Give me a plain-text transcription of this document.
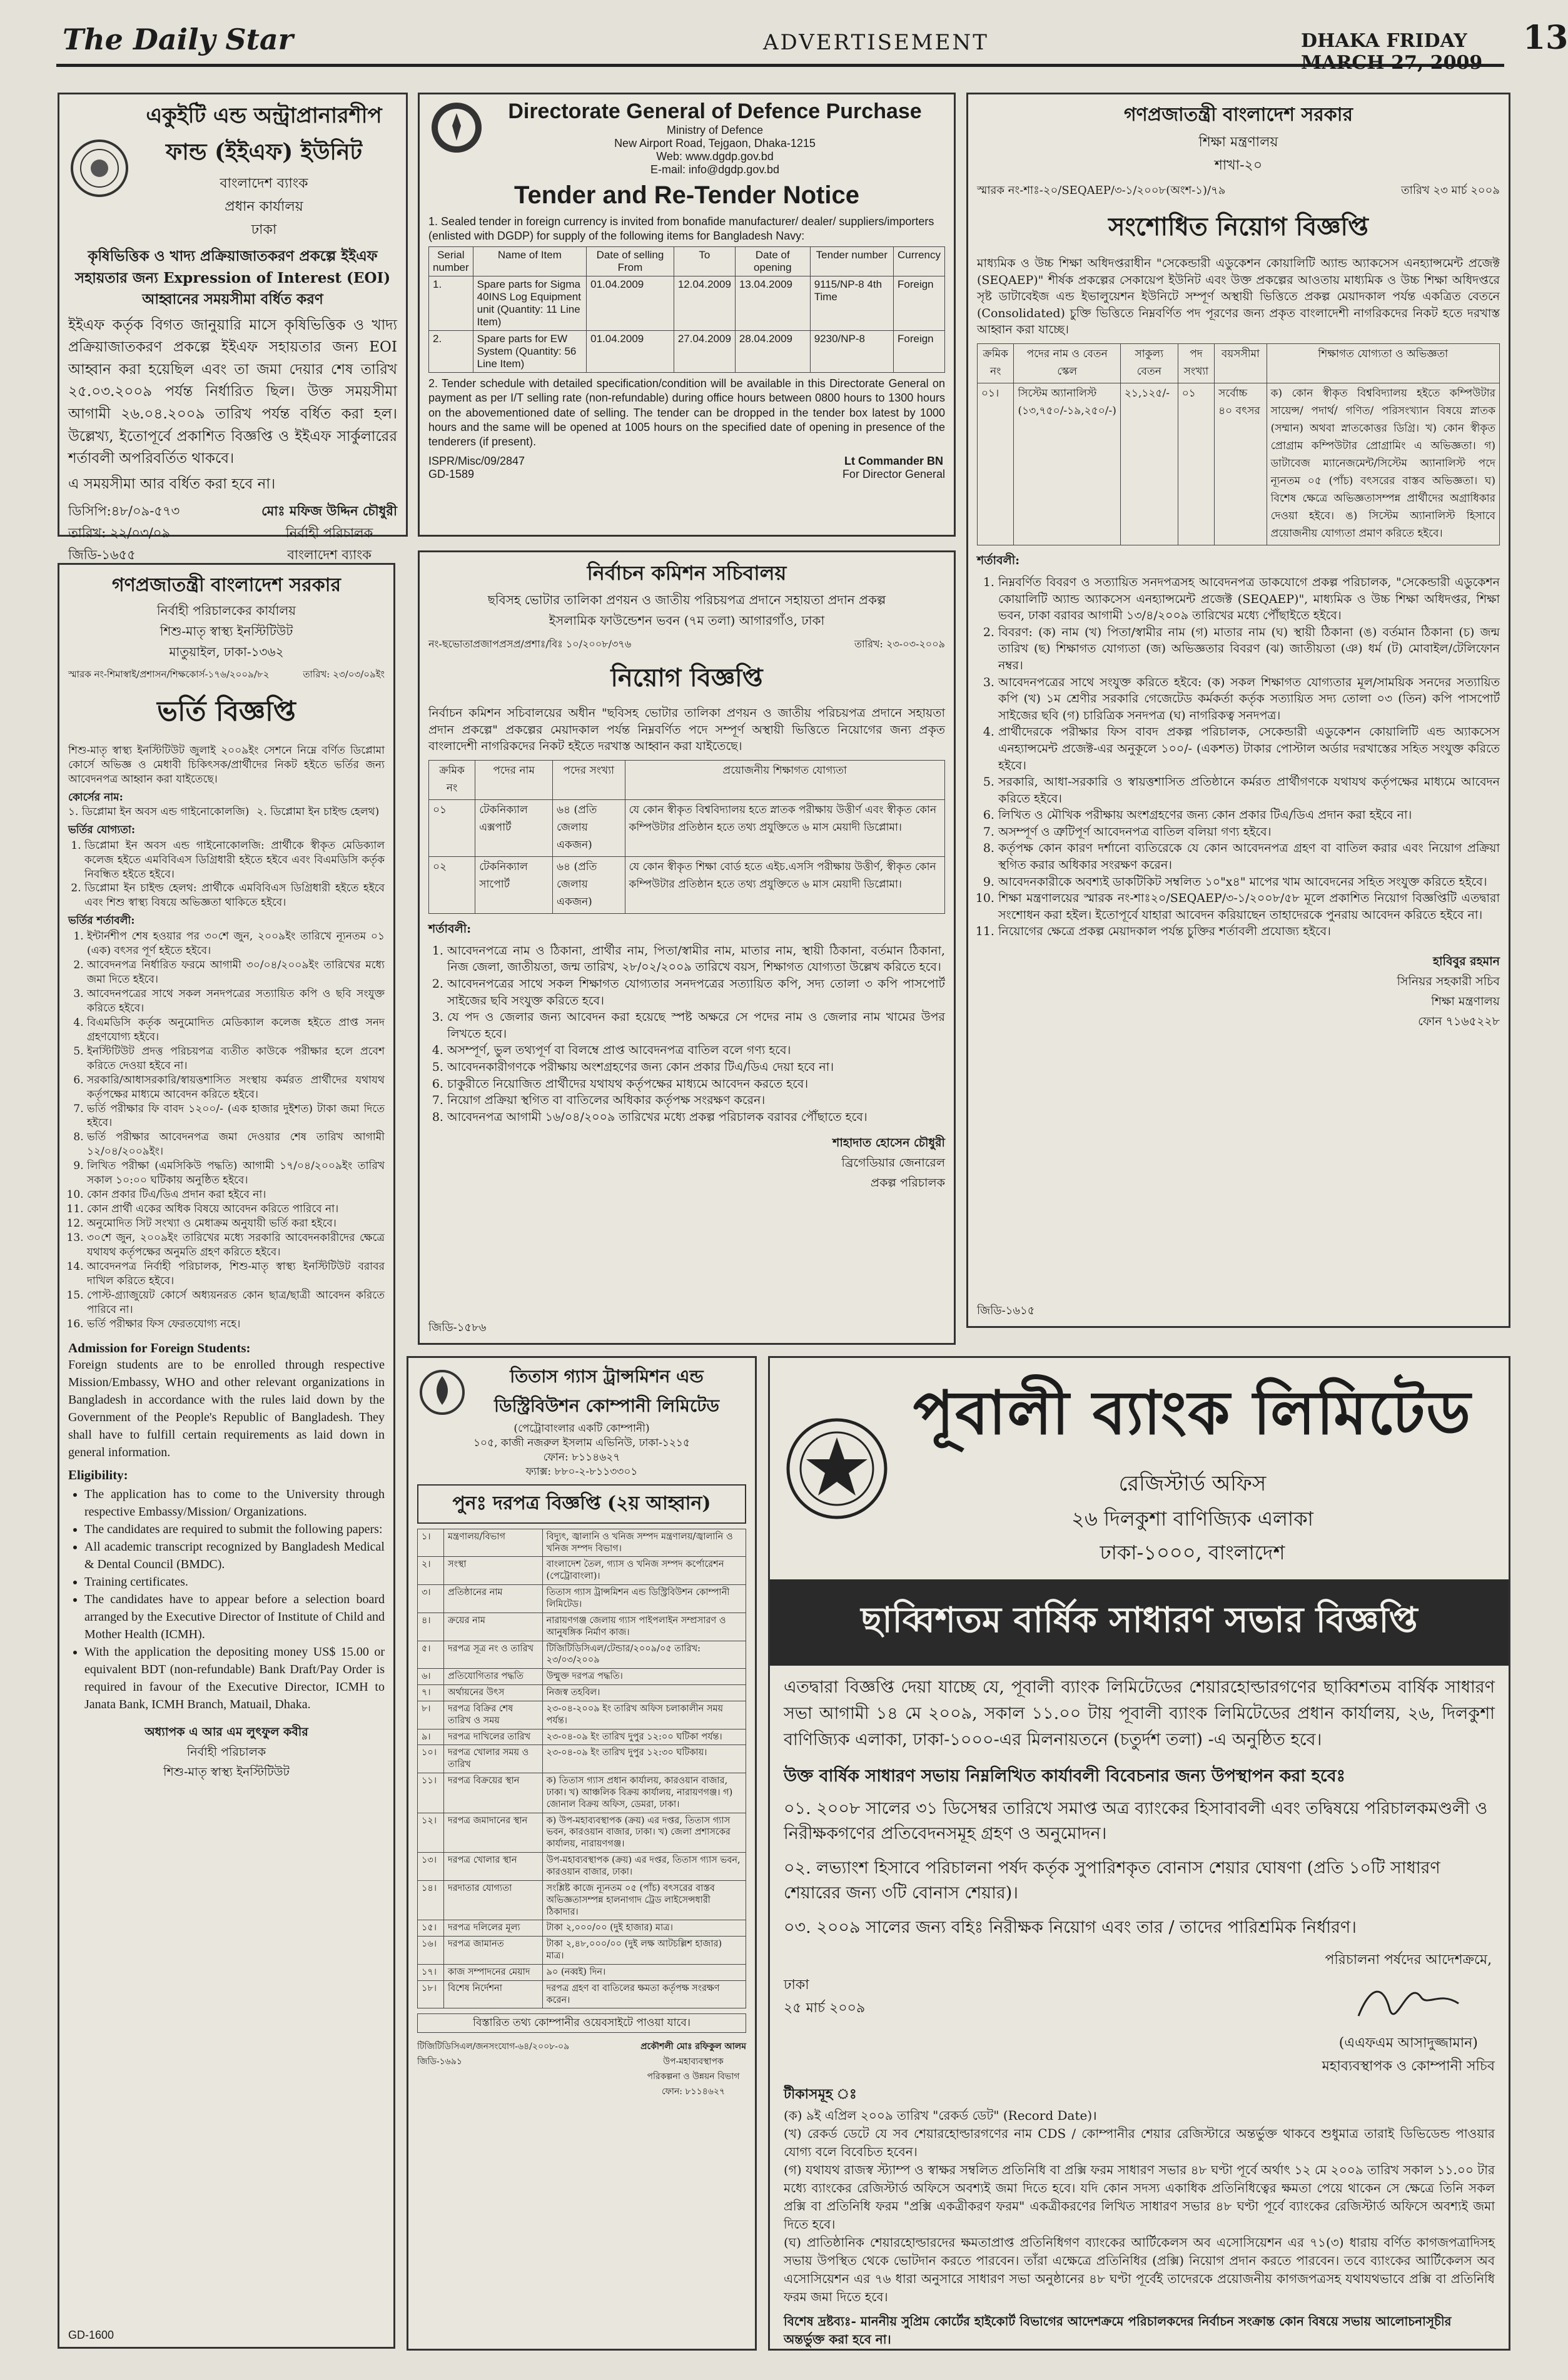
The Daily Star	ADVERTISEMENT	DHAKA FRIDAY MARCH 27, 2009
13
একুইটি এন্ড অন্ট্রাপ্রানারশীপ
ফান্ড (ইইএফ) ইউনিট
বাংলাদেশ ব্যাংক
প্রধান কার্যালয়
ঢাকা
কৃষিভিত্তিক ও খাদ্য প্রক্রিয়াজাতকরণ প্রকল্পে ইইএফ সহায়তার জন্য Expression of Interest (EOI) আহ্বানের সময়সীমা বর্ধিত করণ
ইইএফ কর্তৃক বিগত জানুয়ারি মাসে কৃষিভিত্তিক ও খাদ্য প্রক্রিয়াজাতকরণ প্রকল্পে ইইএফ সহায়তার জন্য EOI আহ্বান করা হয়েছিল এবং তা জমা দেয়ার শেষ তারিখ ২৫.০৩.২০০৯ পর্যন্ত নির্ধারিত ছিল। উক্ত সময়সীমা আগামী ২৬.০৪.২০০৯ তারিখ পর্যন্ত বর্ধিত করা হল। উল্লেখ্য, ইতোপূর্বে প্রকাশিত বিজ্ঞপ্তি ও ইইএফ সার্কুলারের শর্তাবলী অপরিবর্তিত থাকবে।
এ সময়সীমা আর বর্ধিত করা হবে না।
ডিসিপি:৪৮/০৯-৫৭৩
তারিখ: ২২/০৩/০৯
জিডি-১৬৫৫
মোঃ মফিজ উদ্দিন চৌধুরী
নির্বাহী পরিচালক
বাংলাদেশ ব্যাংক
Directorate General of Defence Purchase
Ministry of Defence
New Airport Road, Tejgaon, Dhaka-1215
Web: www.dgdp.gov.bd
E-mail: info@dgdp.gov.bd
Tender and Re-Tender Notice
1. Sealed tender in foreign currency is invited from bonafide manufacturer/ dealer/ suppliers/importers (enlisted with DGDP) for supply of the following items for Bangladesh Navy:
Serial number	Name of Item	Date of selling From	To	Date of opening	Tender number	Currency
1.	Spare parts for Sigma 40INS Log Equipment unit (Quantity: 11 Line Item)	01.04.2009	12.04.2009	13.04.2009	9115/NP-8 4th Time	Foreign
2.	Spare parts for EW System (Quantity: 56 Line Item)	01.04.2009	27.04.2009	28.04.2009	9230/NP-8	Foreign
2. Tender schedule with detailed specification/condition will be available in this Directorate General on payment as per I/T selling rate (non-refundable) during office hours between 0800 hours to 1300 hours on the abovementioned date of selling. The tender can be dropped in the tender box latest by 1000 hours and the same will be opened at 1005 hours on the specified date of opening in presence of the tenderers (if present).
ISPR/Misc/09/2847
GD-1589
Lt Commander BN
For Director General
গণপ্রজাতন্ত্রী বাংলাদেশ সরকার
শিক্ষা মন্ত্রণালয়
শাখা-২০
স্মারক নং-শাঃ-২০/SEQAEP/৩-১/২০০৮(অংশ-১)/৭৯	তারিখ ২৩ মার্চ ২০০৯
সংশোধিত নিয়োগ বিজ্ঞপ্তি
মাধ্যমিক ও উচ্চ শিক্ষা অধিদপ্তরাধীন "সেকেন্ডারী এডুকেশন কোয়ালিটি অ্যান্ড অ্যাকসেস এনহ্যান্সমেন্ট প্রজেক্ট (SEQAEP)" শীর্ষক প্রকল্পের সেকায়েপ ইউনিট এবং উক্ত প্রকল্পের আওতায় মাধ্যমিক ও উচ্চ শিক্ষা অধিদপ্তরে সৃষ্ট ডাটাবেইজ এন্ড ইভালুয়েশন ইউনিটে সম্পূর্ণ অস্থায়ী ভিত্তিতে প্রকল্প মেয়াদকাল পর্যন্ত একত্রিত বেতনে (Consolidated) চুক্তি ভিত্তিতে নিম্নবর্ণিত পদ পূরণের জন্য প্রকৃত বাংলাদেশী নাগরিকদের নিকট হতে দরখাস্ত আহ্বান করা যাচ্ছে।
ক্রমিক নং	পদের নাম ও বেতন স্কেল	সাকুল্য বেতন	পদ সংখ্যা	বয়সসীমা	শিক্ষাগত যোগ্যতা ও অভিজ্ঞতা
০১।	সিস্টেম অ্যানালিস্ট (১৩,৭৫০/-১৯,২৫০/-)	২১,১২৫/-	০১	সর্বোচ্চ ৪০ বৎসর	ক) কোন স্বীকৃত বিশ্ববিদ্যালয় হইতে কম্পিউটার সায়েন্স/ পদার্থ/ গণিত/ পরিসংখ্যান বিষয়ে স্নাতক (সম্মান) অথবা স্নাতকোত্তর ডিগ্রি। খ) কোন স্বীকৃত প্রোগ্রাম কম্পিউটার প্রোগ্রামিং এ অভিজ্ঞতা। গ) ডাটাবেজ ম্যানেজমেন্ট/সিস্টেম অ্যানালিস্ট পদে ন্যূনতম ০৫ (পাঁচ) বৎসরের বাস্তব অভিজ্ঞতা। ঘ) বিশেষ ক্ষেত্রে অভিজ্ঞতাসম্পন্ন প্রার্থীদের অগ্রাধিকার দেওয়া হইবে। ঙ) সিস্টেম অ্যানালিস্ট হিসাবে প্রয়োজনীয় যোগ্যতা প্রমাণ করিতে হইবে।
শর্তাবলী:
1. নিম্নবর্ণিত বিবরণ ও সত্যায়িত সনদপত্রসহ আবেদনপত্র ডাকযোগে প্রকল্প পরিচালক, "সেকেন্ডারী এডুকেশন কোয়ালিটি অ্যান্ড অ্যাকসেস এনহ্যান্সমেন্ট প্রজেক্ট (SEQAEP)", মাধ্যমিক ও উচ্চ শিক্ষা অধিদপ্তর, শিক্ষা ভবন, ঢাকা বরাবর আগামী ১৩/৪/২০০৯ তারিখের মধ্যে পৌঁছাইতে হইবে।
2. বিবরণ: (ক) নাম (খ) পিতা/স্বামীর নাম (গ) মাতার নাম (ঘ) স্থায়ী ঠিকানা (ঙ) বর্তমান ঠিকানা (চ) জন্ম তারিখ (ছ) শিক্ষাগত যোগ্যতা (জ) অভিজ্ঞতার বিবরণ (ঝ) জাতীয়তা (ঞ) ধর্ম (ট) মোবাইল/টেলিফোন নম্বর।
3. আবেদনপত্রের সাথে সংযুক্ত করিতে হইবে: (ক) সকল শিক্ষাগত যোগ্যতার মূল/সাময়িক সনদের সত্যায়িত কপি (খ) ১ম শ্রেণীর সরকারি গেজেটেড কর্মকর্তা কর্তৃক সত্যায়িত সদ্য তোলা ০৩ (তিন) কপি পাসপোর্ট সাইজের ছবি (গ) চারিত্রিক সনদপত্র (ঘ) নাগরিকত্ব সনদপত্র।
4. প্রার্থীদেরকে পরীক্ষার ফিস বাবদ প্রকল্প পরিচালক, সেকেন্ডারী এডুকেশন কোয়ালিটি এন্ড অ্যাকসেস এনহ্যান্সমেন্ট প্রজেক্ট-এর অনুকূলে ১০০/- (একশত) টাকার পোস্টাল অর্ডার দরখাস্তের সহিত সংযুক্ত করিতে হইবে।
5. সরকারি, আধা-সরকারি ও স্বায়ত্তশাসিত প্রতিষ্ঠানে কর্মরত প্রার্থীগণকে যথাযথ কর্তৃপক্ষের মাধ্যমে আবেদন করিতে হইবে।
6. লিখিত ও মৌখিক পরীক্ষায় অংশগ্রহণের জন্য কোন প্রকার টিএ/ডিএ প্রদান করা হইবে না।
7. অসম্পূর্ণ ও ত্রুটিপূর্ণ আবেদনপত্র বাতিল বলিয়া গণ্য হইবে।
8. কর্তৃপক্ষ কোন কারণ দর্শানো ব্যতিরেকে যে কোন আবেদনপত্র গ্রহণ বা বাতিল করার এবং নিয়োগ প্রক্রিয়া স্থগিত করার অধিকার সংরক্ষণ করেন।
9. আবেদনকারীকে অবশ্যই ডাকটিকিট সম্বলিত ১০"x৪" মাপের খাম আবেদনের সহিত সংযুক্ত করিতে হইবে।
10. শিক্ষা মন্ত্রণালয়ের স্মারক নং-শাঃ২০/SEQAEP/৩-১/২০০৮/৫৮ মূলে প্রকাশিত নিয়োগ বিজ্ঞপ্তিটি এতদ্বারা সংশোধন করা হইল। ইতোপূর্বে যাহারা আবেদন করিয়াছেন তাহাদেরকে পুনরায় আবেদন করিতে হইবে না।
11. নিয়োগের ক্ষেত্রে প্রকল্প মেয়াদকাল পর্যন্ত চুক্তির শর্তাবলী প্রযোজ্য হইবে।
হাবিবুর রহমান
সিনিয়র সহকারী সচিব
শিক্ষা মন্ত্রণালয়
ফোন ৭১৬৫২২৮
জিডি-১৬১৫
গণপ্রজাতন্ত্রী বাংলাদেশ সরকার
নির্বাহী পরিচালকের কার্যালয়
শিশু-মাতৃ স্বাস্থ্য ইনস্টিটিউট
মাতুয়াইল, ঢাকা-১৩৬২
স্মারক নং-শিমাস্বাই/প্রশাসন/শিক্ষকোর্স-১৭৬/২০০৯/৮২	তারিখ: ২৩/০৩/০৯ইং
ভর্তি বিজ্ঞপ্তি
শিশু-মাতৃ স্বাস্থ্য ইনস্টিটিউট জুলাই ২০০৯ইং সেশনে নিম্নে বর্ণিত ডিপ্লোমা কোর্সে অভিজ্ঞ ও মেধাবী চিকিৎসক/প্রার্থীদের নিকট হইতে ভর্তির জন্য আবেদনপত্র আহ্বান করা যাইতেছে।
কোর্সের নাম:
১. ডিপ্লোমা ইন অবস এন্ড গাইনোকোলজি) ২. ডিপ্লোমা ইন চাইল্ড হেলথ)
ভর্তির যোগ্যতা:
1. ডিপ্লোমা ইন অবস এন্ড গাইনোকোলজি: প্রার্থীকে স্বীকৃত মেডিক্যাল কলেজ হইতে এমবিবিএস ডিগ্রিধারী হইতে হইবে এবং বিএমডিসি কর্তৃক নিবন্ধিত হইতে হইবে।
2. ডিপ্লোমা ইন চাইল্ড হেলথ: প্রার্থীকে এমবিবিএস ডিগ্রিধারী হইতে হইবে এবং শিশু স্বাস্থ্য বিষয়ে অভিজ্ঞতা থাকিতে হইবে।
ভর্তির শর্তাবলী:
1. ইন্টার্নশীপ শেষ হওয়ার পর ৩০শে জুন, ২০০৯ইং তারিখে ন্যূনতম ০১ (এক) বৎসর পূর্ণ হইতে হইবে।
2. আবেদনপত্র নির্ধারিত ফরমে আগামী ৩০/০৪/২০০৯ইং তারিখের মধ্যে জমা দিতে হইবে।
3. আবেদনপত্রের সাথে সকল সনদপত্রের সত্যায়িত কপি ও ছবি সংযুক্ত করিতে হইবে।
4. বিএমডিসি কর্তৃক অনুমোদিত মেডিক্যাল কলেজ হইতে প্রাপ্ত সনদ গ্রহণযোগ্য হইবে।
5. ইনস্টিটিউট প্রদত্ত পরিচয়পত্র ব্যতীত কাউকে পরীক্ষার হলে প্রবেশ করিতে দেওয়া হইবে না।
6. সরকারি/আধাসরকারি/স্বায়ত্তশাসিত সংস্থায় কর্মরত প্রার্থীদের যথাযথ কর্তৃপক্ষের মাধ্যমে আবেদন করিতে হইবে।
7. ভর্তি পরীক্ষার ফি বাবদ ১২০০/- (এক হাজার দুইশত) টাকা জমা দিতে হইবে।
8. ভর্তি পরীক্ষার আবেদনপত্র জমা দেওয়ার শেষ তারিখ আগামী ১২/০৪/২০০৯ইং।
9. লিখিত পরীক্ষা (এমসিকিউ পদ্ধতি) আগামী ১৭/০৪/২০০৯ইং তারিখ সকাল ১০:০০ ঘটিকায় অনুষ্ঠিত হইবে।
10. কোন প্রকার টিএ/ডিএ প্রদান করা হইবে না।
11. কোন প্রার্থী একের অধিক বিষয়ে আবেদন করিতে পারিবে না।
12. অনুমোদিত সিট সংখ্যা ও মেধাক্রম অনুযায়ী ভর্তি করা হইবে।
13. ৩০শে জুন, ২০০৯ইং তারিখের মধ্যে সরকারি আবেদনকারীদের ক্ষেত্রে যথাযথ কর্তৃপক্ষের অনুমতি গ্রহণ করিতে হইবে।
14. আবেদনপত্র নির্বাহী পরিচালক, শিশু-মাতৃ স্বাস্থ্য ইনস্টিটিউট বরাবর দাখিল করিতে হইবে।
15. পোস্ট-গ্র্যাজুয়েট কোর্সে অধ্যয়নরত কোন ছাত্র/ছাত্রী আবেদন করিতে পারিবে না।
16. ভর্তি পরীক্ষার ফিস ফেরতযোগ্য নহে।
Admission for Foreign Students:
Foreign students are to be enrolled through respective Mission/Embassy, WHO and other relevant organizations in Bangladesh in accordance with the rules laid down by the Government of the People's Republic of Bangladesh. They shall have to fulfill certain requirements as laid down in general information.
Eligibility:
• The application has to come to the University through respective Embassy/Mission/ Organizations.
• The candidates are required to submit the following papers:
• All academic transcript recognized by Bangladesh Medical & Dental Council (BMDC).
• Training certificates.
• The candidates have to appear before a selection board arranged by the Executive Director of Institute of Child and Mother Health (ICMH).
• With the application the depositing money US$ 15.00 or equivalent BDT (non-refundable) Bank Draft/Pay Order is required in favour of the Executive Director, ICMH to Janata Bank, ICMH Branch, Matuail, Dhaka.
অধ্যাপক এ আর এম লুৎফুল কবীর
নির্বাহী পরিচালক
শিশু-মাতৃ স্বাস্থ্য ইনস্টিটিউট
GD-1600
নির্বাচন কমিশন সচিবালয়
ছবিসহ ভোটার তালিকা প্রণয়ন ও জাতীয় পরিচয়পত্র প্রদানে সহায়তা প্রদান প্রকল্প
ইসলামিক ফাউন্ডেশন ভবন (৭ম তলা) আগারগাঁও, ঢাকা
নং-ছভোতাপ্রজাপপ্রসপ্র/প্রশাঃ/বিঃ ১০/২০০৮/৩৭৬	তারিখ: ২৩-০৩-২০০৯
নিয়োগ বিজ্ঞপ্তি
নির্বাচন কমিশন সচিবালয়ের অধীন "ছবিসহ ভোটার তালিকা প্রণয়ন ও জাতীয় পরিচয়পত্র প্রদানে সহায়তা প্রদান প্রকল্পে" প্রকল্পের মেয়াদকাল পর্যন্ত নিম্নবর্ণিত পদে সম্পূর্ণ অস্থায়ী ভিত্তিতে নিয়োগের জন্য প্রকৃত বাংলাদেশী নাগরিকদের নিকট হইতে দরখাস্ত আহ্বান করা যাইতেছে।
ক্রমিক নং	পদের নাম	পদের সংখ্যা	প্রয়োজনীয় শিক্ষাগত যোগ্যতা
০১	টেকনিক্যাল এক্সপার্ট	৬৪ (প্রতি জেলায় একজন)	যে কোন স্বীকৃত বিশ্ববিদ্যালয় হতে স্নাতক পরীক্ষায় উত্তীর্ণ এবং স্বীকৃত কোন কম্পিউটার প্রতিষ্ঠান হতে তথ্য প্রযুক্তিতে ৬ মাস মেয়াদী ডিপ্লোমা।
০২	টেকনিক্যাল সাপোর্ট	৬৪ (প্রতি জেলায় একজন)	যে কোন স্বীকৃত শিক্ষা বোর্ড হতে এইচ.এসসি পরীক্ষায় উত্তীর্ণ, স্বীকৃত কোন কম্পিউটার প্রতিষ্ঠান হতে তথ্য প্রযুক্তিতে ৬ মাস মেয়াদী ডিপ্লোমা।
শর্তাবলী:
1. আবেদনপত্রে নাম ও ঠিকানা, প্রার্থীর নাম, পিতা/স্বামীর নাম, মাতার নাম, স্থায়ী ঠিকানা, বর্তমান ঠিকানা, নিজ জেলা, জাতীয়তা, জন্ম তারিখ, ২৮/০২/২০০৯ তারিখে বয়স, শিক্ষাগত যোগ্যতা উল্লেখ করিতে হবে।
2. আবেদনপত্রের সাথে সকল শিক্ষাগত যোগ্যতার সনদপত্রের সত্যায়িত কপি, সদ্য তোলা ৩ কপি পাসপোর্ট সাইজের ছবি সংযুক্ত করিতে হবে।
3. যে পদ ও জেলার জন্য আবেদন করা হয়েছে স্পষ্ট অক্ষরে সে পদের নাম ও জেলার নাম খামের উপর লিখতে হবে।
4. অসম্পূর্ণ, ভুল তথ্যপূর্ণ বা বিলম্বে প্রাপ্ত আবেদনপত্র বাতিল বলে গণ্য হবে।
5. আবেদনকারীগণকে পরীক্ষায় অংশগ্রহণের জন্য কোন প্রকার টিএ/ডিএ দেয়া হবে না।
6. চাকুরীতে নিয়োজিত প্রার্থীদের যথাযথ কর্তৃপক্ষের মাধ্যমে আবেদন করতে হবে।
7. নিয়োগ প্রক্রিয়া স্থগিত বা বাতিলের অধিকার কর্তৃপক্ষ সংরক্ষণ করেন।
8. আবেদনপত্র আগামী ১৬/০৪/২০০৯ তারিখের মধ্যে প্রকল্প পরিচালক বরাবর পৌঁছাতে হবে।
শাহাদাত হোসেন চৌধুরী
ব্রিগেডিয়ার জেনারেল
প্রকল্প পরিচালক
জিডি-১৫৮৬
তিতাস গ্যাস ট্রান্সমিশন এন্ড
ডিস্ট্রিবিউশন কোম্পানী লিমিটেড
(পেট্রোবাংলার একটি কোম্পানী)
১০৫, কাজী নজরুল ইসলাম এভিনিউ, ঢাকা-১২১৫
ফোন: ৮১১৪৬২৭
ফ্যাক্স: ৮৮০-২-৮১১৩৩০১
পুনঃ দরপত্র বিজ্ঞপ্তি (২য় আহ্বান)
১।	মন্ত্রণালয়/বিভাগ	বিদ্যুৎ, জ্বালানি ও খনিজ সম্পদ মন্ত্রণালয়/জ্বালানি ও খনিজ সম্পদ বিভাগ।
২।	সংস্থা	বাংলাদেশ তৈল, গ্যাস ও খনিজ সম্পদ কর্পোরেশন (পেট্রোবাংলা)।
৩।	প্রতিষ্ঠানের নাম	তিতাস গ্যাস ট্রান্সমিশন এন্ড ডিস্ট্রিবিউশন কোম্পানী লিমিটেড।
৪।	ক্রয়ের নাম	নারায়ণগঞ্জ জেলায় গ্যাস পাইপলাইন সম্প্রসারণ ও আনুষঙ্গিক নির্মাণ কাজ।
৫।	দরপত্র সূত্র নং ও তারিখ	টিজিটিডিসিএল/টেন্ডার/২০০৯/০৫ তারিখ: ২৩/০৩/২০০৯
৬।	প্রতিযোগিতার পদ্ধতি	উন্মুক্ত দরপত্র পদ্ধতি।
৭।	অর্থায়নের উৎস	নিজস্ব তহবিল।
৮।	দরপত্র বিক্রির শেষ তারিখ ও সময়	২৩-০৪-২০০৯ ইং তারিখ অফিস চলাকালীন সময় পর্যন্ত।
৯।	দরপত্র দাখিলের তারিখ	২৩-০৪-০৯ ইং তারিখ দুপুর ১২:০০ ঘটিকা পর্যন্ত।
১০।	দরপত্র খোলার সময় ও তারিখ	২৩-০৪-০৯ ইং তারিখ দুপুর ১২:৩০ ঘটিকায়।
১১।	দরপত্র বিক্রয়ের স্থান	ক) তিতাস গ্যাস প্রধান কার্যালয়, কারওয়ান বাজার, ঢাকা। খ) আঞ্চলিক বিক্রয় কার্যালয়, নারায়ণগঞ্জ। গ) জোনাল বিক্রয় অফিস, ডেমরা, ঢাকা।
১২।	দরপত্র জমাদানের স্থান	ক) উপ-মহাব্যবস্থাপক (ক্রয়) এর দপ্তর, তিতাস গ্যাস ভবন, কারওয়ান বাজার, ঢাকা। খ) জেলা প্রশাসকের কার্যালয়, নারায়ণগঞ্জ।
১৩।	দরপত্র খোলার স্থান	উপ-মহাব্যবস্থাপক (ক্রয়) এর দপ্তর, তিতাস গ্যাস ভবন, কারওয়ান বাজার, ঢাকা।
১৪।	দরদাতার যোগ্যতা	সংশ্লিষ্ট কাজে ন্যূনতম ০৫ (পাঁচ) বৎসরের বাস্তব অভিজ্ঞতাসম্পন্ন হালনাগাদ ট্রেড লাইসেন্সধারী ঠিকাদার।
১৫।	দরপত্র দলিলের মূল্য	টাকা ২,০০০/০০ (দুই হাজার) মাত্র।
১৬।	দরপত্র জামানত	টাকা ২,৪৮,০০০/০০ (দুই লক্ষ আটচল্লিশ হাজার) মাত্র।
১৭।	কাজ সম্পাদনের মেয়াদ	৯০ (নব্বই) দিন।
১৮।	বিশেষ নির্দেশনা	দরপত্র গ্রহণ বা বাতিলের ক্ষমতা কর্তৃপক্ষ সংরক্ষণ করেন।
বিস্তারিত তথ্য কোম্পানীর ওয়েবসাইটে পাওয়া যাবে।
টিজিটিডিসিএল/জনসংযোগ-৬৪/২০০৮-০৯
জিডি-১৬৯১
প্রকৌশলী মোঃ রফিকুল আলম
উপ-মহাব্যবস্থাপক
পরিকল্পনা ও উন্নয়ন বিভাগ
ফোন: ৮১১৪৬২৭
পূবালী ব্যাংক লিমিটেড
রেজিস্টার্ড অফিস
২৬ দিলকুশা বাণিজ্যিক এলাকা
ঢাকা-১০০০, বাংলাদেশ
ছাব্বিশতম বার্ষিক সাধারণ সভার বিজ্ঞপ্তি
এতদ্বারা বিজ্ঞপ্তি দেয়া যাচ্ছে যে, পূবালী ব্যাংক লিমিটেডের শেয়ারহোল্ডারগণের ছাব্বিশতম বার্ষিক সাধারণ সভা আগামী ১৪ মে ২০০৯, সকাল ১১.০০ টায় পূবালী ব্যাংক লিমিটেডের প্রধান কার্যালয়, ২৬, দিলকুশা বাণিজ্যিক এলাকা, ঢাকা-১০০০-এর মিলনায়তনে (চতুর্দশ তলা) -এ অনুষ্ঠিত হবে।
উক্ত বার্ষিক সাধারণ সভায় নিম্নলিখিত কার্যাবলী বিবেচনার জন্য উপস্থাপন করা হবেঃ
০১. ২০০৮ সালের ৩১ ডিসেম্বর তারিখে সমাপ্ত অত্র ব্যাংকের হিসাবাবলী এবং তদ্বিষয়ে পরিচালকমণ্ডলী ও নিরীক্ষকগণের প্রতিবেদনসমূহ গ্রহণ ও অনুমোদন।
০২. লভ্যাংশ হিসাবে পরিচালনা পর্ষদ কর্তৃক সুপারিশকৃত বোনাস শেয়ার ঘোষণা (প্রতি ১০টি সাধারণ শেয়ারের জন্য ৩টি বোনাস শেয়ার)।
০৩. ২০০৯ সালের জন্য বহিঃ নিরীক্ষক নিয়োগ এবং তার / তাদের পারিশ্রমিক নির্ধারণ।
ঢাকা
২৫ মার্চ ২০০৯
পরিচালনা পর্ষদের আদেশক্রমে,
(এএফএম আসাদুজ্জামান)
মহাব্যবস্থাপক ও কোম্পানী সচিব
টীকাসমূহ ঃ
(ক) ৯ই এপ্রিল ২০০৯ তারিখ "রেকর্ড ডেট" (Record Date)।
(খ) রেকর্ড ডেটে যে সব শেয়ারহোল্ডারগণের নাম CDS / কোম্পানীর শেয়ার রেজিস্টারে অন্তর্ভুক্ত থাকবে শুধুমাত্র তারাই ডিভিডেন্ড পাওয়ার যোগ্য বলে বিবেচিত হবেন।
(গ) যথাযথ রাজস্ব স্ট্যাম্প ও স্বাক্ষর সম্বলিত প্রতিনিধি বা প্রক্সি ফরম সাধারণ সভার ৪৮ ঘণ্টা পূর্বে অর্থাৎ ১২ মে ২০০৯ তারিখ সকাল ১১.০০ টার মধ্যে ব্যাংকের রেজিস্টার্ড অফিসে অবশ্যই জমা দিতে হবে। যদি কোন সদস্য একাধিক প্রতিনিধিত্বের ক্ষমতা পেয়ে থাকেন সে ক্ষেত্রে তিনি সকল প্রক্সি বা প্রতিনিধি ফরম "প্রক্সি একত্রীকরণ ফরম" একত্রীকরণের লিখিত সাধারণ সভার ৪৮ ঘণ্টা পূর্বে ব্যাংকের রেজিস্টার্ড অফিসে অবশ্যই জমা দিতে হবে।
(ঘ) প্রাতিষ্ঠানিক শেয়ারহোল্ডারদের ক্ষমতাপ্রাপ্ত প্রতিনিধিগণ ব্যাংকের আর্টিকেলস অব এসোসিয়েশন এর ৭১(৩) ধারায় বর্ণিত কাগজপত্রাদিসহ সভায় উপস্থিত থেকে ভোটদান করতে পারবেন। তাঁরা এক্ষেত্রে প্রতিনিধির (প্রক্সি) নিয়োগ প্রদান করতে পারবেন। তবে ব্যাংকের আর্টিকেলস অব এসোসিয়েশন এর ৭৬ ধারা অনুসারে সাধারণ সভা অনুষ্ঠানের ৪৮ ঘণ্টা পূর্বেই তাদেরকে প্রয়োজনীয় কাগজপত্রসহ যথাযথভাবে প্রক্সি বা প্রতিনিধি ফরম জমা দিতে হবে।
বিশেষ দ্রষ্টব্যঃ- মাননীয় সুপ্রিম কোর্টের হাইকোর্ট বিভাগের আদেশক্রমে পরিচালকদের নির্বাচন সংক্রান্ত কোন বিষয়ে সভায় আলোচনাসূচীর অন্তর্ভুক্ত করা হবে না।
